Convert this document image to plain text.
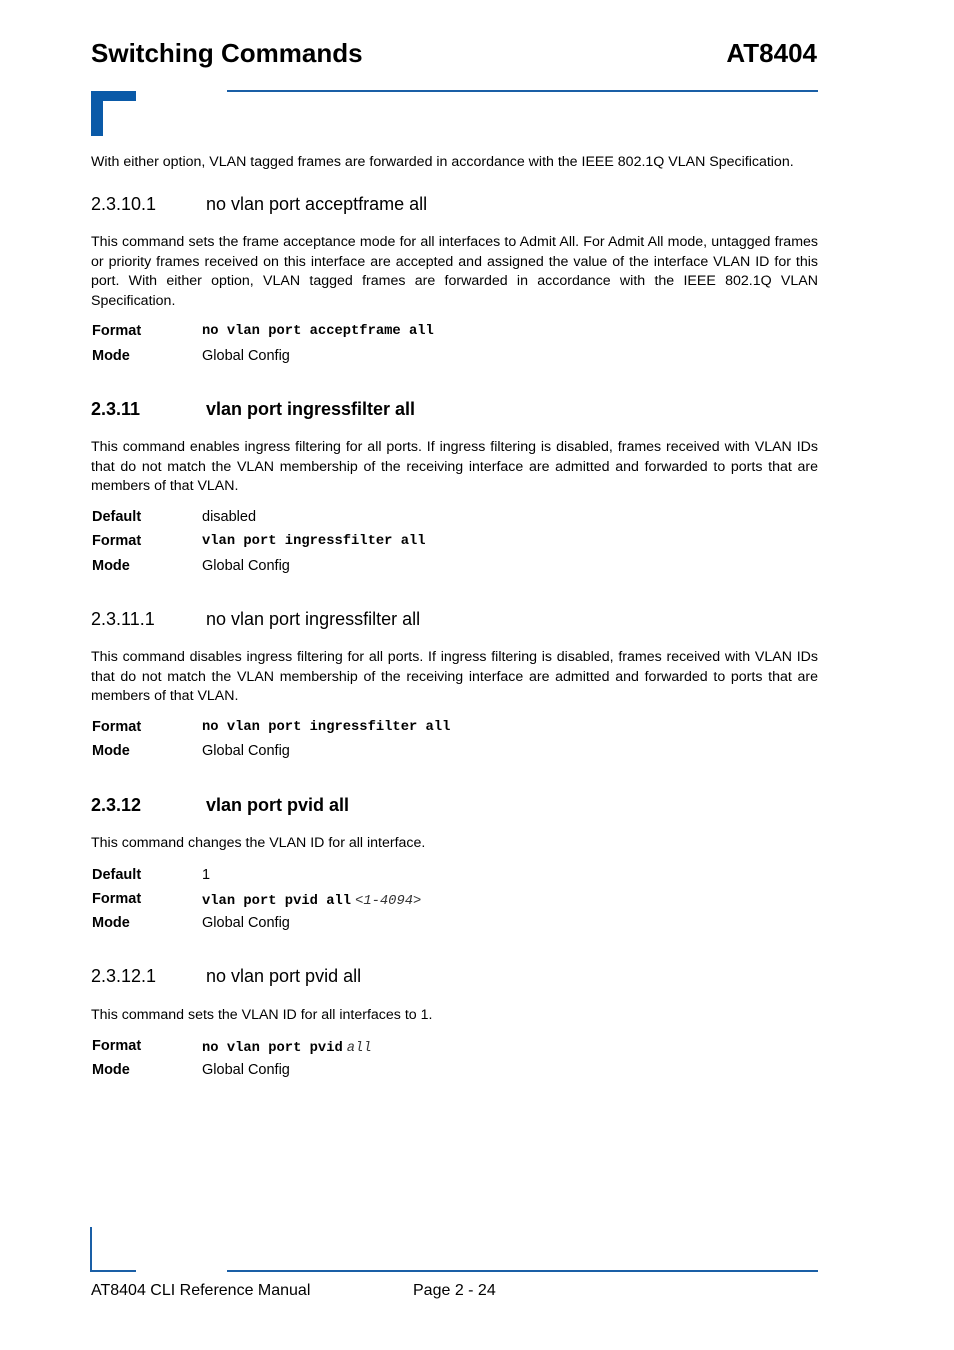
Switching Commands	AT8404
With either option, VLAN tagged frames are forwarded in accordance with the IEEE 802.1Q VLAN Specification.
2.3.10.1	no vlan port acceptframe all
This command sets the frame acceptance mode for all interfaces to Admit All. For Admit All mode, untagged frames or priority frames received on this interface are accepted and assigned the value of the interface VLAN ID for this port. With either option, VLAN tagged frames are forwarded in accordance with the IEEE 802.1Q VLAN Specification.
Format	no vlan port acceptframe all
Mode	Global Config
2.3.11	vlan port ingressfilter all
This command enables ingress filtering for all ports. If ingress filtering is disabled, frames received with VLAN IDs that do not match the VLAN membership of the receiving interface are admitted and forwarded to ports that are members of that VLAN.
Default	disabled
Format	vlan port ingressfilter all
Mode	Global Config
2.3.11.1	no vlan port ingressfilter all
This command disables ingress filtering for all ports. If ingress filtering is disabled, frames received with VLAN IDs that do not match the VLAN membership of the receiving interface are admitted and forwarded to ports that are members of that VLAN.
Format	no vlan port ingressfilter all
Mode	Global Config
2.3.12	vlan port pvid all
This command changes the VLAN ID for all interface.
Default	1
Format	vlan port pvid all <1-4094>
Mode	Global Config
2.3.12.1	no vlan port pvid all
This command sets the VLAN ID for all interfaces to 1.
Format	no vlan port pvid all
Mode	Global Config
AT8404 CLI Reference Manual	Page 2 - 24
